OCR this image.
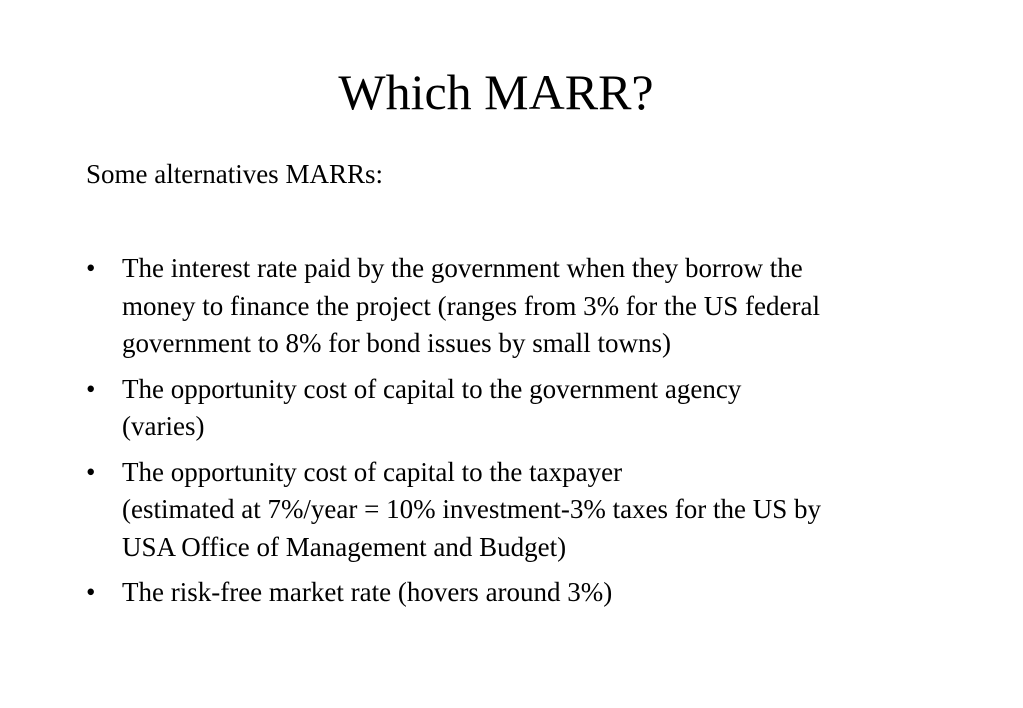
Which MARR?

Some alternatives MARRs:

• The interest rate paid by the government when they borrow the
money to finance the project (ranges from 3% for the US federal
government to 8% for bond issues by small towns)
• The opportunity cost of capital to the government agency
(varies)
• The opportunity cost of capital to the taxpayer
(estimated at 7%/year = 10% investment-3% taxes for the US by
USA Office of Management and Budget)
• The risk-free market rate (hovers around 3%)
